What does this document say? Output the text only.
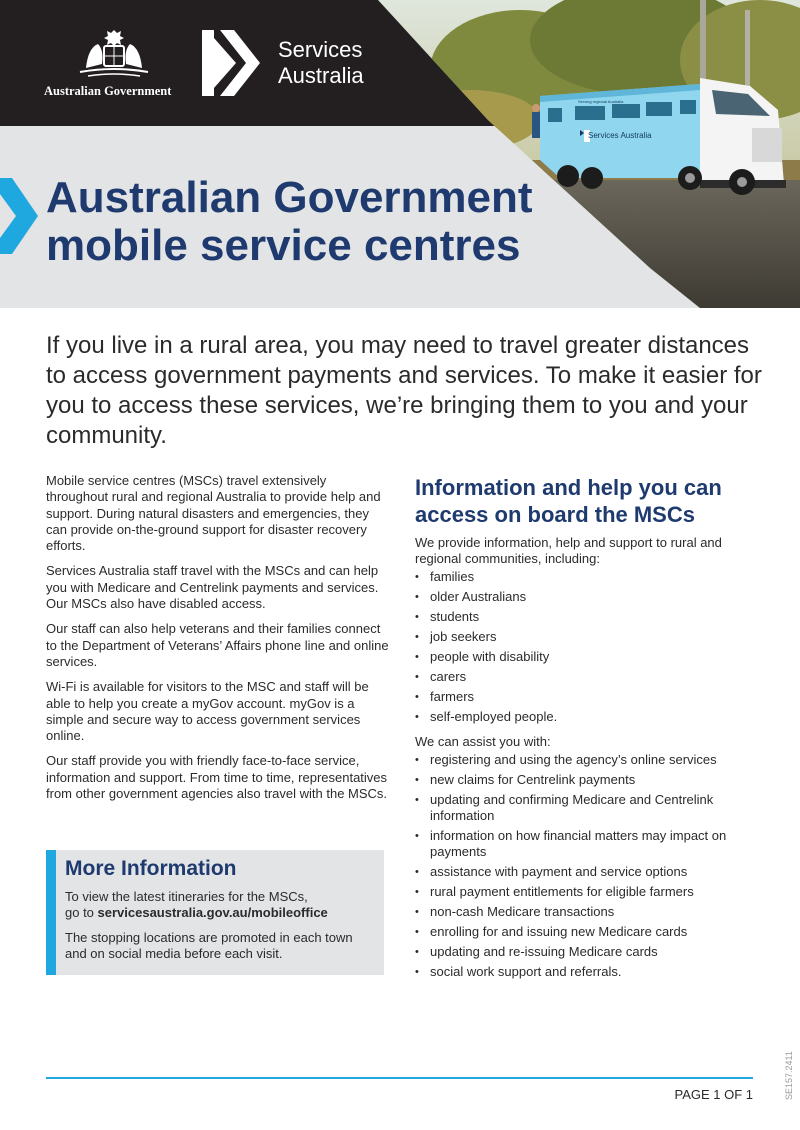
Services Australia
Serving regional Australia
Australian Government
Services
Australia
Australian Government
mobile service centres

If you live in a rural area, you may need to travel greater distances to access government payments and services. To make it easier for you to access these services, we’re bringing them to you and your community.

Mobile service centres (MSCs) travel extensively throughout rural and regional Australia to provide help and support. During natural disasters and emergencies, they can provide on-the-ground support for disaster recovery efforts.

Services Australia staff travel with the MSCs and can help you with Medicare and Centrelink payments and services. Our MSCs also have disabled access.

Our staff can also help veterans and their families connect to the Department of Veterans’ Affairs phone line and online services.

Wi-Fi is available for visitors to the MSC and staff will be able to help you create a myGov account. myGov is a simple and secure way to access government services online.

Our staff provide you with friendly face-to-face service, information and support. From time to time, representatives from other government agencies also travel with the MSCs.

More Information

To view the latest itineraries for the MSCs,
go to servicesaustralia.gov.au/mobileoffice

The stopping locations are promoted in each town and on social media before each visit.

Information and help you can
access on board the MSCs

We provide information, help and support to rural and regional communities, including:

• families
• older Australians
• students
• job seekers
• people with disability
• carers
• farmers
• self-employed people.

We can assist you with:

• registering and using the agency’s online services
• new claims for Centrelink payments
• updating and confirming Medicare and Centrelink information
• information on how financial matters may impact on payments
• assistance with payment and service options
• rural payment entitlements for eligible farmers
• non-cash Medicare transactions
• enrolling for and issuing new Medicare cards
• updating and re-issuing Medicare cards
• social work support and referrals.
PAGE 1 OF 1	SE157.2411
